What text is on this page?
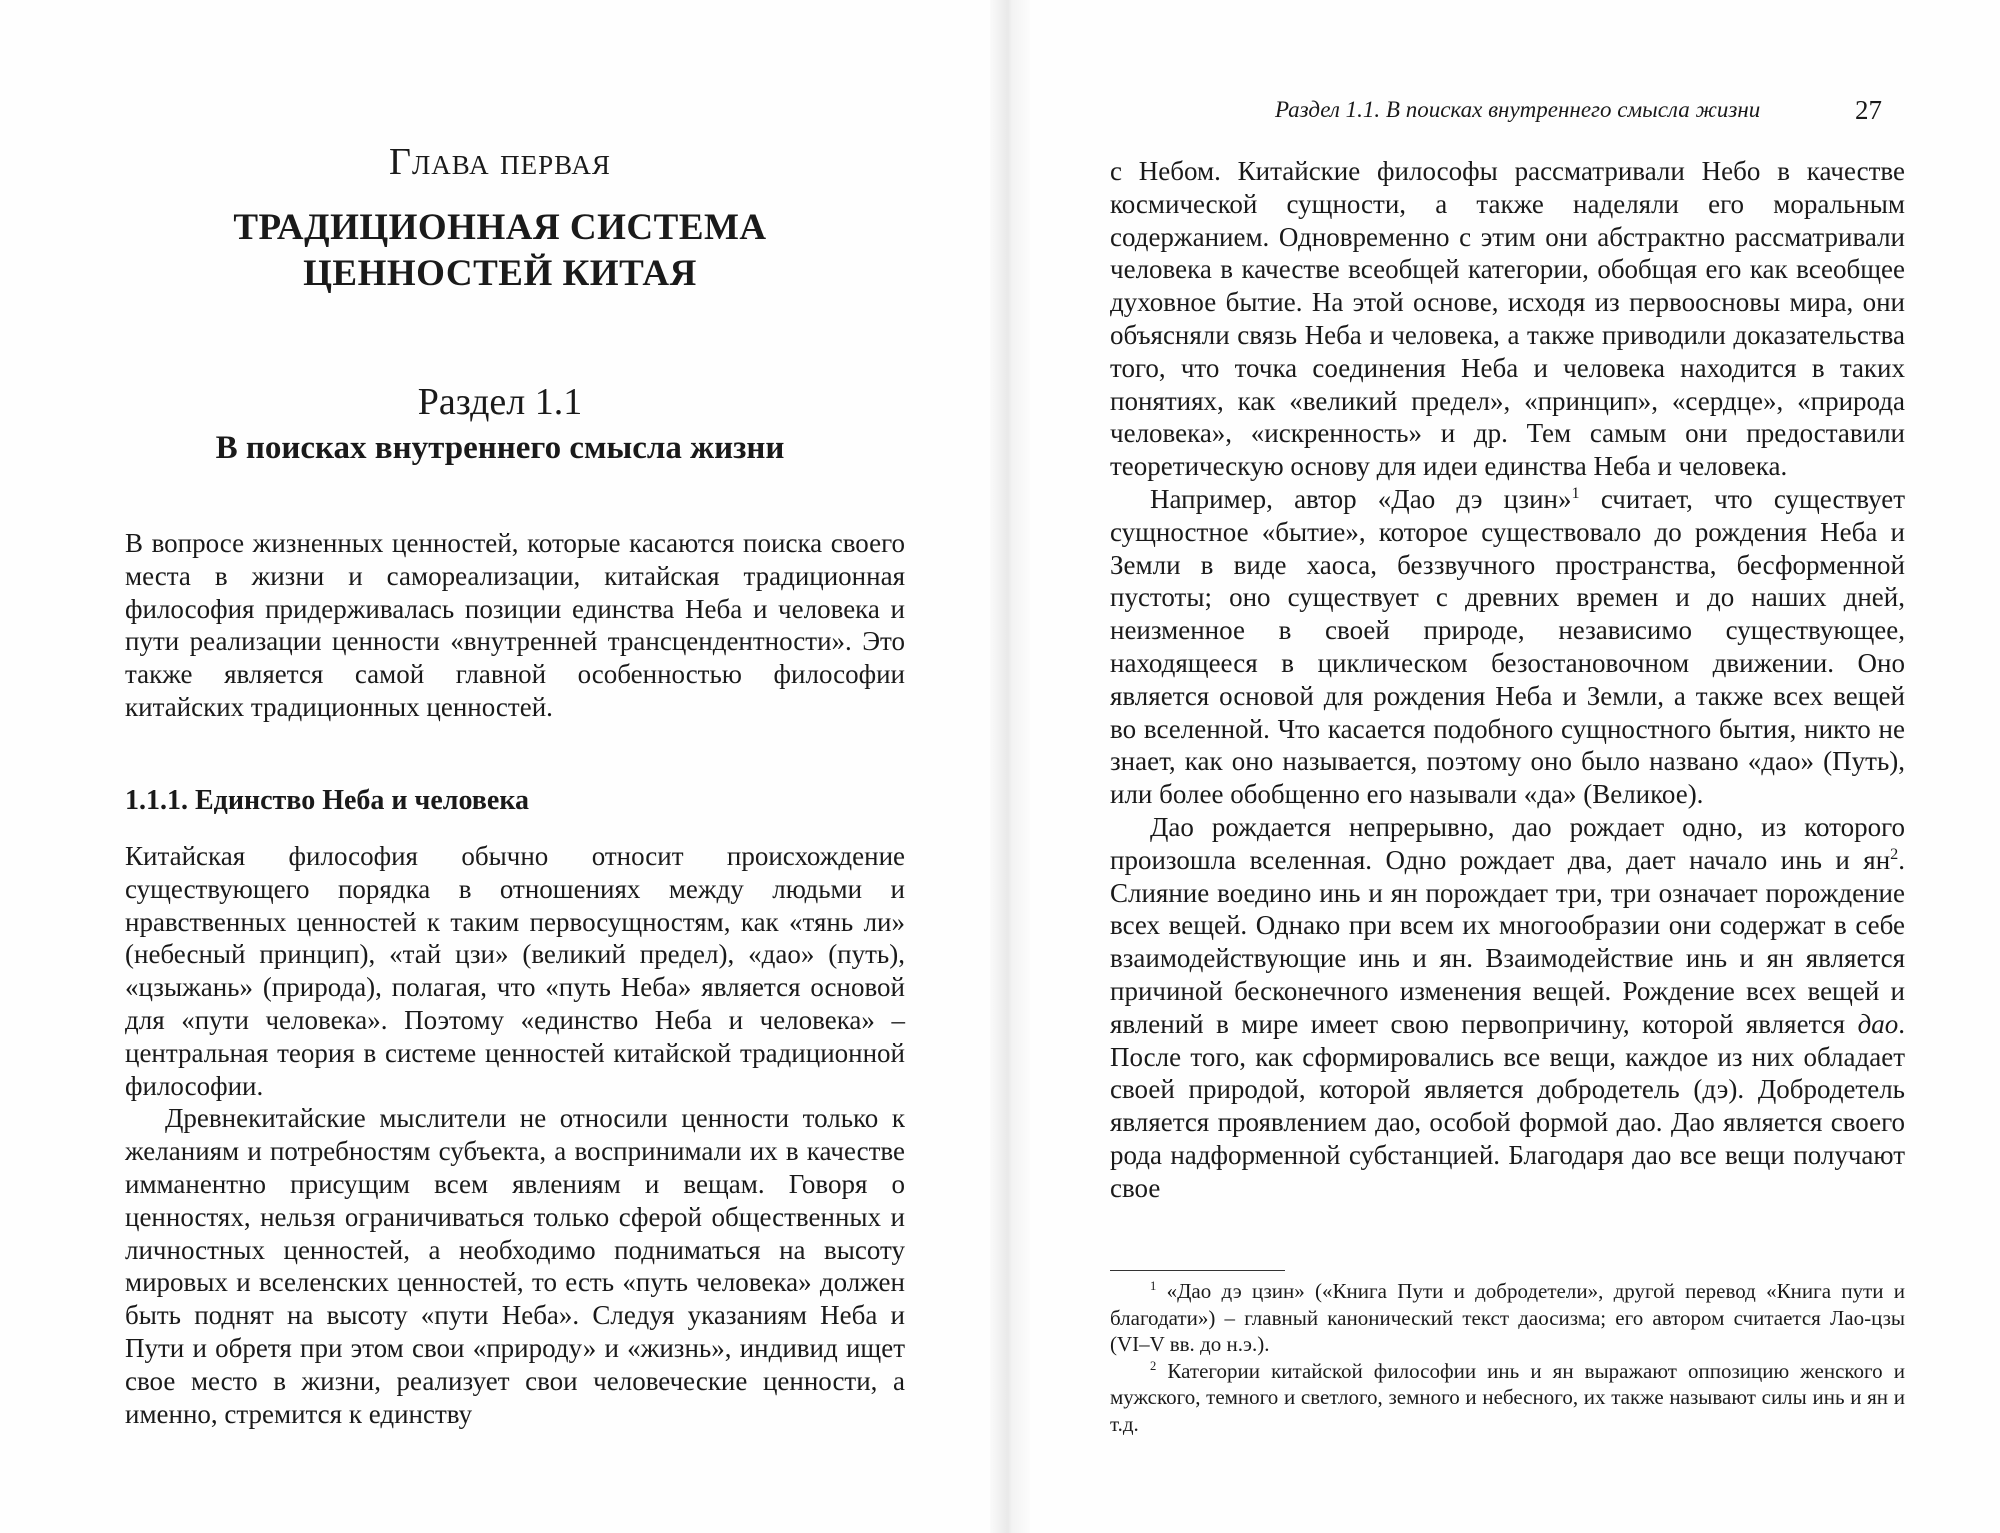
Глава первая
ТРАДИЦИОННАЯ СИСТЕМА
ЦЕННОСТЕЙ КИТАЯ
Раздел 1.1
В поисках внутреннего смысла жизни

В вопросе жизненных ценностей, которые касаются поиска своего места в жизни и самореализации, китайская традиционная философия придерживалась позиции единства Неба и человека и пути реализации ценности «внутренней трансцендентности». Это также является самой главной особенностью философии китайских традиционных ценностей.

1.1.1. Единство Неба и человека

Китайская философия обычно относит происхождение существующего порядка в отношениях между людьми и нравственных ценностей к таким первосущностям, как «тянь ли» (небесный принцип), «тай цзи» (великий предел), «дао» (путь), «цзыжань» (природа), полагая, что «путь Неба» является основой для «пути человека». Поэтому «единство Неба и человека» – центральная теория в системе ценностей китайской традиционной философии.

Древнекитайские мыслители не относили ценности только к желаниям и потребностям субъекта, а воспринимали их в качестве имманентно присущим всем явлениям и вещам. Говоря о ценностях, нельзя ограничиваться только сферой общественных и личностных ценностей, а необходимо подниматься на высоту мировых и вселенских ценностей, то есть «путь человека» должен быть поднят на высоту «пути Неба». Следуя указаниям Неба и Пути и обретя при этом свои «природу» и «жизнь», индивид ищет свое место в жизни, реализует свои человеческие ценности, а именно, стремится к единству

Раздел 1.1. В поисках внутреннего смысла жизни	27

с Небом. Китайские философы рассматривали Небо в качестве космической сущности, а также наделяли его моральным содержанием. Одновременно с этим они абстрактно рассматривали человека в качестве всеобщей категории, обобщая его как всеобщее духовное бытие. На этой основе, исходя из первоосновы мира, они объясняли связь Неба и человека, а также приводили доказательства того, что точка соединения Неба и человека находится в таких понятиях, как «великий предел», «принцип», «сердце», «природа человека», «искренность» и др. Тем самым они предоставили теоретическую основу для идеи единства Неба и человека.

Например, автор «Дао дэ цзин»$^1$ считает, что существует сущностное «бытие», которое существовало до рождения Неба и Земли в виде хаоса, беззвучного пространства, бесформенной пустоты; оно существует с древних времен и до наших дней, неизменное в своей природе, независимо существующее, находящееся в циклическом безостановочном движении. Оно является основой для рождения Неба и Земли, а также всех вещей во вселенной. Что касается подобного сущностного бытия, никто не знает, как оно называется, поэтому оно было названо «дао» (Путь), или более обобщенно его называли «да» (Великое).

Дао рождается непрерывно, дао рождает одно, из которого произошла вселенная. Одно рождает два, дает начало инь и $ян^2$. Слияние воедино инь и ян порождает три, три означает порождение всех вещей. Однако при всем их многообразии они содержат в себе взаимодействующие инь и ян. Взаимодействие инь и ян является причиной бесконечного изменения вещей. Рождение всех вещей и явлений в мире имеет свою первопричину, которой является дао. После того, как сформировались все вещи, каждое из них обладает своей природой, которой является добродетель (дэ). Добродетель является проявлением дао, особой формой дао. Дао является своего рода надформенной субстанцией. Благодаря дао все вещи получают свое

$^1$ «Дао дэ цзин» («Книга Пути и добродетели», другой перевод «Книга пути и благодати») – главный канонический текст даосизма; его автором считается Лао-цзы (VI–V вв. до н.э.).

$^2$ Категории китайской философии инь и ян выражают оппозицию женского и мужского, темного и светлого, земного и небесного, их также называют силы инь и ян и т.д.
